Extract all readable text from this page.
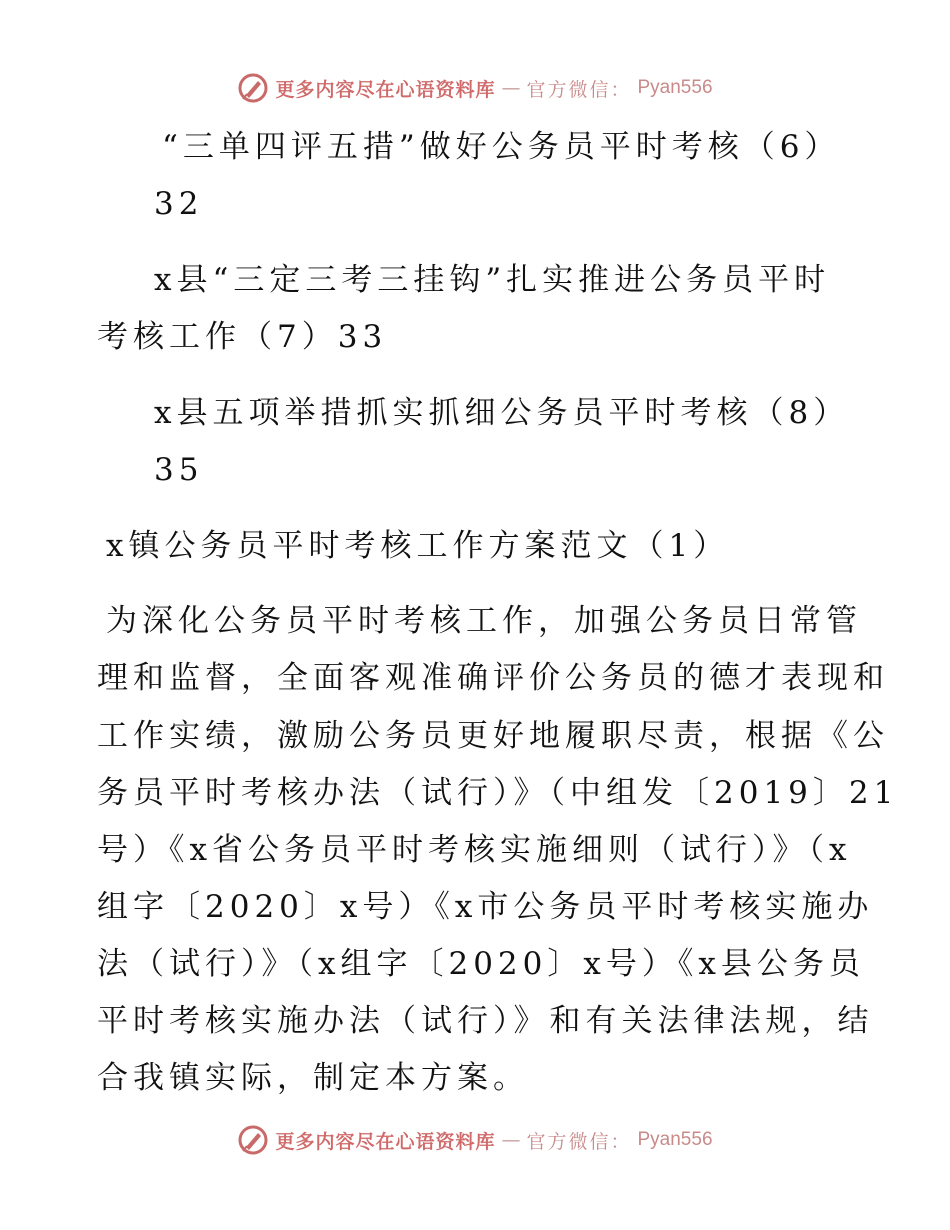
更多内容尽在心语资料库 — 官方微信： Pyan556
“三单四评五措”做好公务员平时考核（6）
32
x县“三定三考三挂钩”扎实推进公务员平时
考核工作（7）33
x县五项举措抓实抓细公务员平时考核（8）
35
x镇公务员平时考核工作方案范文（1）
为深化公务员平时考核工作，加强公务员日常管
理和监督，全面客观准确评价公务员的德才表现和
工作实绩，激励公务员更好地履职尽责，根据《公
务员平时考核办法（试行）》（中组发〔2019〕21
号）《x省公务员平时考核实施细则（试行）》（x
组字〔2020〕x号）《x市公务员平时考核实施办
法（试行）》（x组字〔2020〕x号）《x县公务员
平时考核实施办法（试行）》和有关法律法规，结
合我镇实际，制定本方案。
更多内容尽在心语资料库 — 官方微信： Pyan556
